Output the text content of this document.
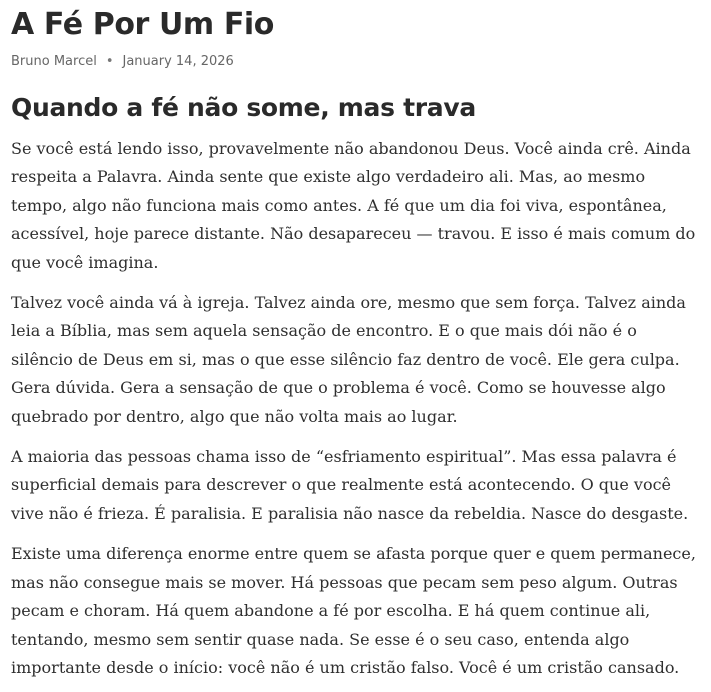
A Fé Por Um Fio
Bruno Marcel • January 14, 2026
Quando a fé não some, mas trava

Se você está lendo isso, provavelmente não abandonou Deus. Você ainda crê. Ainda respeita a Palavra. Ainda sente que existe algo verdadeiro ali. Mas, ao mesmo tempo, algo não funciona mais como antes. A fé que um dia foi viva, espontânea, acessível, hoje parece distante. Não desapareceu — travou. E isso é mais comum do que você imagina.

Talvez você ainda vá à igreja. Talvez ainda ore, mesmo que sem força. Talvez ainda leia a Bíblia, mas sem aquela sensação de encontro. E o que mais dói não é o silêncio de Deus em si, mas o que esse silêncio faz dentro de você. Ele gera culpa. Gera dúvida. Gera a sensação de que o problema é você. Como se houvesse algo quebrado por dentro, algo que não volta mais ao lugar.

A maioria das pessoas chama isso de “esfriamento espiritual”. Mas essa palavra é superficial demais para descrever o que realmente está acontecendo. O que você vive não é frieza. É paralisia. E paralisia não nasce da rebeldia. Nasce do desgaste.

Existe uma diferença enorme entre quem se afasta porque quer e quem permanece, mas não consegue mais se mover. Há pessoas que pecam sem peso algum. Outras pecam e choram. Há quem abandone a fé por escolha. E há quem continue ali, tentando, mesmo sem sentir quase nada. Se esse é o seu caso, entenda algo importante desde o início: você não é um cristão falso. Você é um cristão cansado.
